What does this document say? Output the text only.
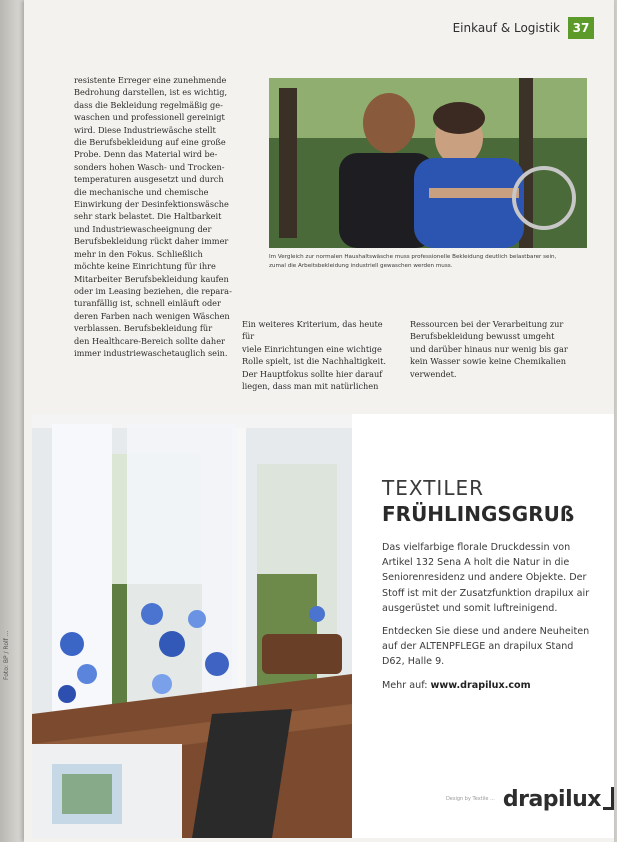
Einkauf & Logistik	37

resistente Erreger eine zunehmende

Bedrohung darstellen, ist es wichtig,

dass die Bekleidung regelmäßig ge-

waschen und professionell gereinigt

wird. Diese Industriewäsche stellt

die Berufsbekleidung auf eine große

Probe. Denn das Material wird be-

sonders hohen Wasch- und Trocken-

temperaturen ausgesetzt und durch

die mechanische und chemische

Einwirkung der Desinfektionswäsche

sehr stark belastet. Die Haltbarkeit

und Industriewascheeignung der

Berufsbekleidung rückt daher immer

mehr in den Fokus. Schließlich

möchte keine Einrichtung für ihre

Mitarbeiter Berufsbekleidung kaufen

oder im Leasing beziehen, die repara-

turanfällig ist, schnell einläuft oder

deren Farben nach wenigen Wäschen

verblassen. Berufsbekleidung für

den Healthcare-Bereich sollte daher

immer industriewaschetauglich sein.

Im Vergleich zur normalen Haushaltswäsche muss professionelle Bekleidung deutlich belastbarer sein, zumal die Arbeitsbekleidung industriell gewaschen werden muss.

Ein weiteres Kriterium, das heute für

viele Einrichtungen eine wichtige

Rolle spielt, ist die Nachhaltigkeit.

Der Hauptfokus sollte hier darauf

liegen, dass man mit natürlichen

Ressourcen bei der Verarbeitung zur

Berufsbekleidung bewusst umgeht

und darüber hinaus nur wenig bis gar

kein Wasser sowie keine Chemikalien

verwendet.

TEXTILER
FRÜHLINGSGRUß

Das vielfarbige florale Druckdessin von Artikel 132 Sena A holt die Natur in die Seniorenresidenz und andere Objekte. Der Stoff ist mit der Zusatzfunktion drapilux air ausgerüstet und somit luftreinigend.

Entdecken Sie diese und andere Neuheiten auf der ALTENPFLEGE an drapilux Stand D62, Halle 9.

Mehr auf: www.drapilux.com
Design by Textile ... drapilux
Foto: BP / Rolf ...
